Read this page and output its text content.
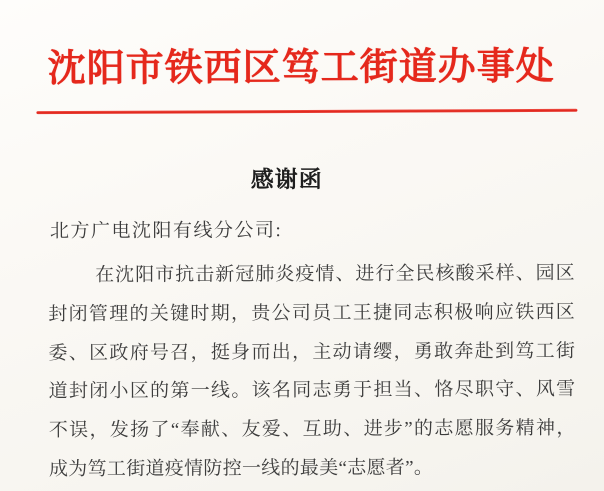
沈阳市铁西区笃工街道办事处
感谢函
北方广电沈阳有线分公司:
在沈阳市抗击新冠肺炎疫情、进行全民核酸采样、园区
封闭管理的关键时期，贵公司员工王捷同志积极响应铁西区
委、区政府号召，挺身而出，主动请缨，勇敢奔赴到笃工街
道封闭小区的第一线。该名同志勇于担当、恪尽职守、风雪
不误，发扬了“奉献、友爱、互助、进步”的志愿服务精神，
成为笃工街道疫情防控一线的最美“志愿者”。
